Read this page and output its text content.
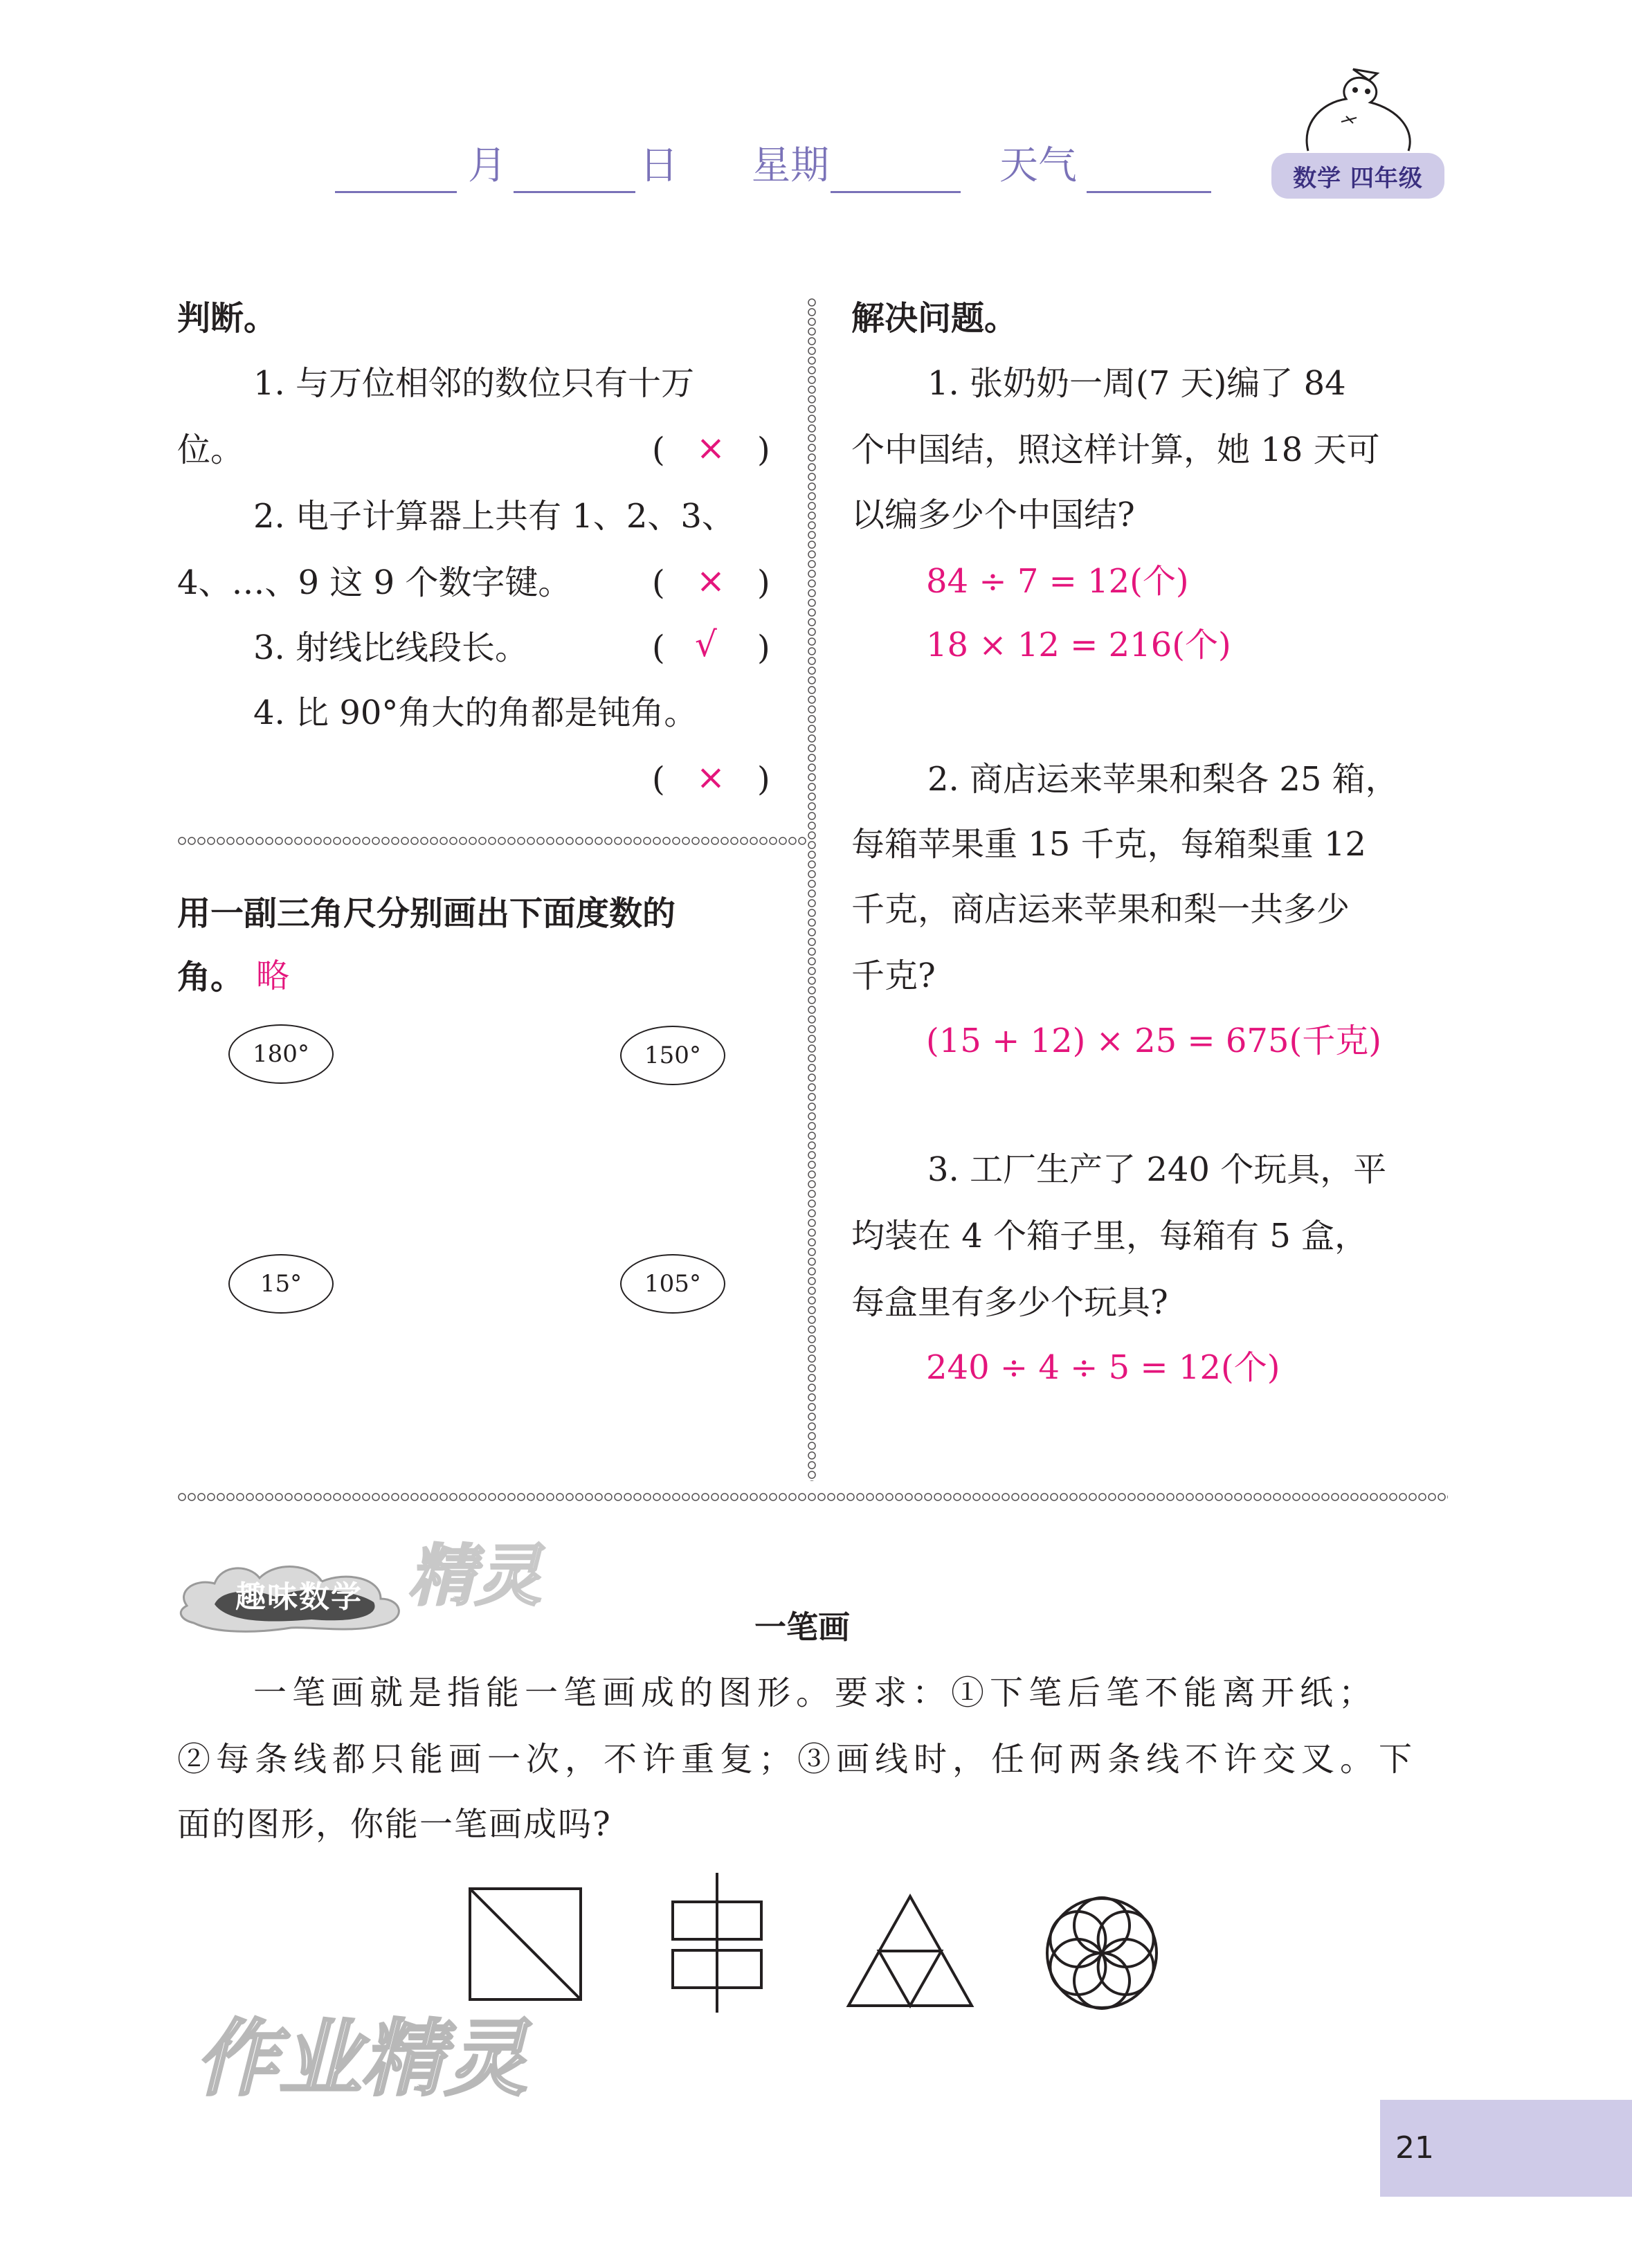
月	日 星期	天气	数学 四年级
判断。
1. 与万位相邻的数位只有十万
位。	( × )
2. 电子计算器上共有 1、2、3、
4、…、9 这 9 个数字键。 ( × )
3. 射线比线段长。	( √ )
4. 比 90°角大的角都是钝角。
( × )
用一副三角尺分别画出下面度数的
角。 略
180°	150°
15°	105°
解决问题。
1. 张奶奶一周(7 天)编了 84
个中国结，照这样计算，她 18 天可
以编多少个中国结?
84 ÷ 7 = 12(个)
18 × 12 = 216(个)
2. 商店运来苹果和梨各 25 箱，
每箱苹果重 15 千克，每箱梨重 12
千克，商店运来苹果和梨一共多少
千克?
(15 + 12) × 25 = 675(千克)
3. 工厂生产了 240 个玩具，平
均装在 4 个箱子里，每箱有 5 盒，
每盒里有多少个玩具?
240 ÷ 4 ÷ 5 = 12(个)
精灵
趣味数学
一笔画
一笔画就是指能一笔画成的图形。要求：①下笔后笔不能离开纸；
②每条线都只能画一次，不许重复；③画线时，任何两条线不许交叉。下
面的图形，你能一笔画成吗?
作业精灵
21
